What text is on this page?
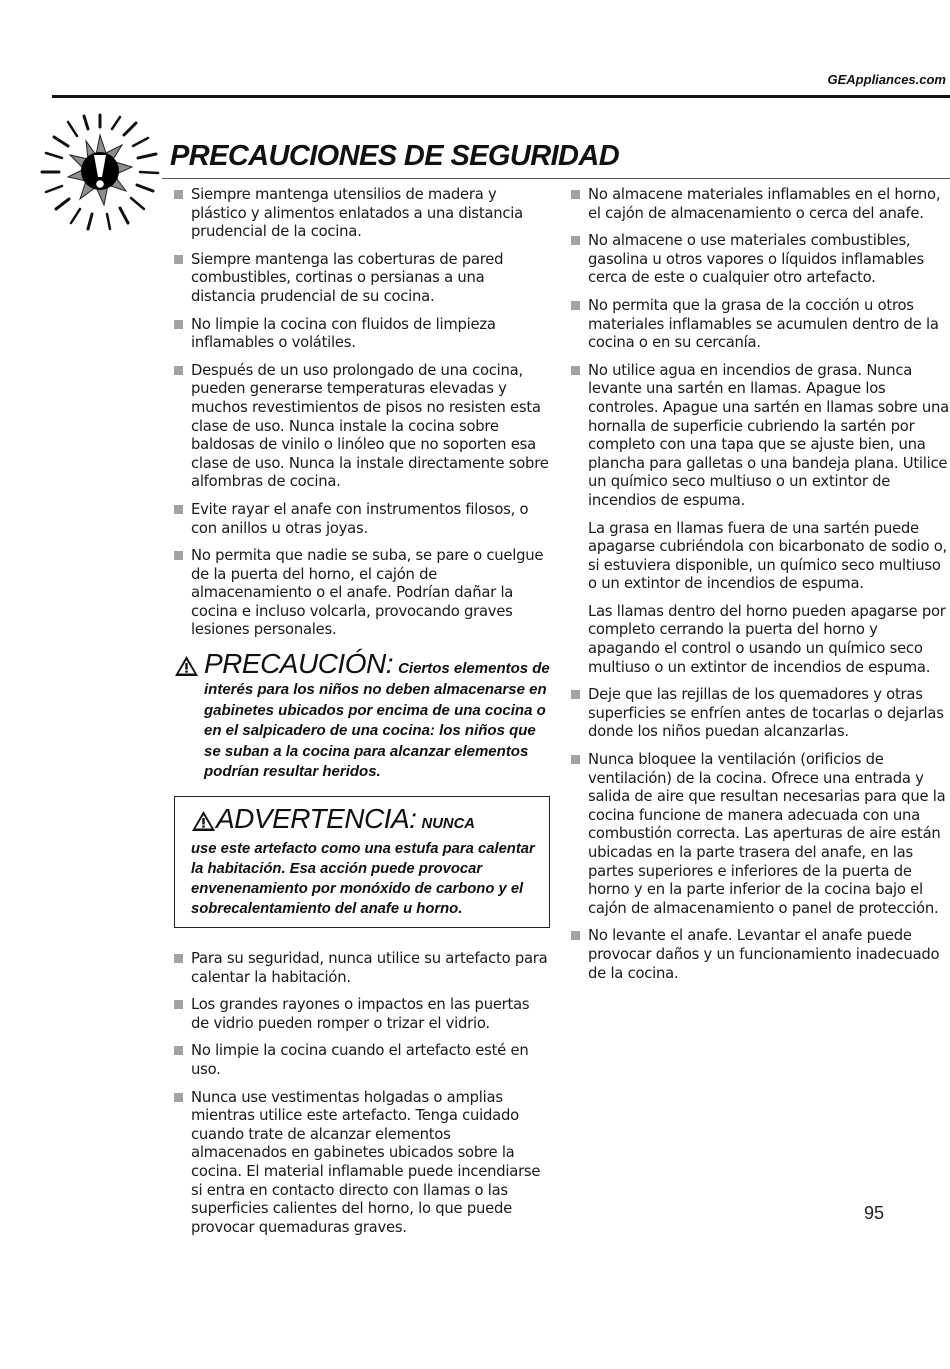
GEAppliances.com
PRECAUCIONES DE SEGURIDAD
Siempre mantenga utensilios de madera y plástico y alimentos enlatados a una distancia prudencial de la cocina.
Siempre mantenga las coberturas de pared combustibles, cortinas o persianas a una distancia prudencial de su cocina.
No limpie la cocina con fluidos de limpieza inflamables o volátiles.
Después de un uso prolongado de una cocina, pueden generarse temperaturas elevadas y muchos revestimientos de pisos no resisten esta clase de uso. Nunca instale la cocina sobre baldosas de vinilo o linóleo que no soporten esa clase de uso. Nunca la instale directamente sobre alfombras de cocina.
Evite rayar el anafe con instrumentos filosos, o con anillos u otras joyas.
No permita que nadie se suba, se pare o cuelgue de la puerta del horno, el cajón de almacenamiento o el anafe. Podrían dañar la cocina e incluso volcarla, provocando graves lesiones personales.
PRECAUCIÓN: Ciertos elementos de interés para los niños no deben almacenarse en gabinetes ubicados por encima de una cocina o en el salpicadero de una cocina: los niños que se suban a la cocina para alcanzar elementos podrían resultar heridos.
ADVERTENCIA: NUNCA
use este artefacto como una estufa para calentar la habitación. Esa acción puede provocar envenenamiento por monóxido de carbono y el sobrecalentamiento del anafe u horno.
Para su seguridad, nunca utilice su artefacto para calentar la habitación.
Los grandes rayones o impactos en las puertas de vidrio pueden romper o trizar el vidrio.
No limpie la cocina cuando el artefacto esté en uso.
Nunca use vestimentas holgadas o amplias mientras utilice este artefacto. Tenga cuidado cuando trate de alcanzar elementos almacenados en gabinetes ubicados sobre la cocina. El material inflamable puede incendiarse si entra en contacto directo con llamas o las superficies calientes del horno, lo que puede provocar quemaduras graves.
No almacene materiales inflamables en el horno, el cajón de almacenamiento o cerca del anafe.
No almacene o use materiales combustibles, gasolina u otros vapores o líquidos inflamables cerca de este o cualquier otro artefacto.
No permita que la grasa de la cocción u otros materiales inflamables se acumulen dentro de la cocina o en su cercanía.
No utilice agua en incendios de grasa. Nunca levante una sartén en llamas. Apague los controles. Apague una sartén en llamas sobre una hornalla de superficie cubriendo la sartén por completo con una tapa que se ajuste bien, una plancha para galletas o una bandeja plana. Utilice un químico seco multiuso o un extintor de incendios de espuma.
La grasa en llamas fuera de una sartén puede apagarse cubriéndola con bicarbonato de sodio o, si estuviera disponible, un químico seco multiuso o un extintor de incendios de espuma.
Las llamas dentro del horno pueden apagarse por completo cerrando la puerta del horno y apagando el control o usando un químico seco multiuso o un extintor de incendios de espuma.
Deje que las rejillas de los quemadores y otras superficies se enfríen antes de tocarlas o dejarlas donde los niños puedan alcanzarlas.
Nunca bloquee la ventilación (orificios de ventilación) de la cocina. Ofrece una entrada y salida de aire que resultan necesarias para que la cocina funcione de manera adecuada con una combustión correcta. Las aperturas de aire están ubicadas en la parte trasera del anafe, en las partes superiores e inferiores de la puerta de horno y en la parte inferior de la cocina bajo el cajón de almacenamiento o panel de protección.
No levante el anafe. Levantar el anafe puede provocar daños y un funcionamiento inadecuado de la cocina.
95
